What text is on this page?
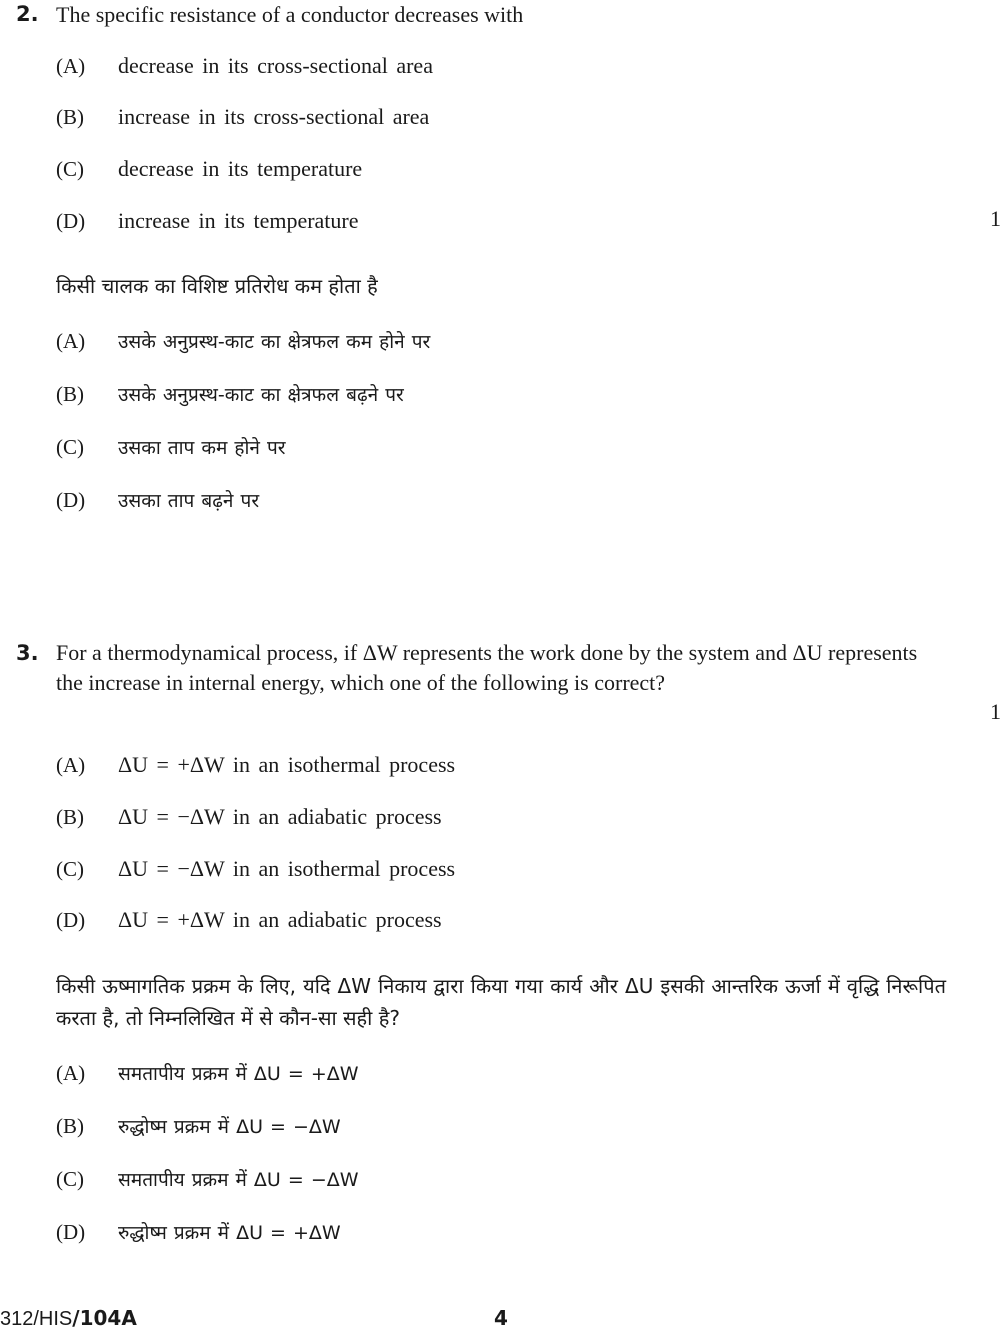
2. The specific resistance of a conductor decreases with
(A) decrease in its cross-sectional area
(B) increase in its cross-sectional area
(C) decrease in its temperature
(D) increase in its temperature	1
किसी चालक का विशिष्ट प्रतिरोध कम होता है
(A) उसके अनुप्रस्थ-काट का क्षेत्रफल कम होने पर
(B) उसके अनुप्रस्थ-काट का क्षेत्रफल बढ़ने पर
(C) उसका ताप कम होने पर
(D) उसका ताप बढ़ने पर
3. For a thermodynamical process, if ΔW represents the work done by the system and ΔU represents the increase in internal energy, which one of the following is correct?
1
(A) ΔU = +ΔW in an isothermal process
(B) ΔU = −ΔW in an adiabatic process
(C) ΔU = −ΔW in an isothermal process
(D) ΔU = +ΔW in an adiabatic process
किसी ऊष्मागतिक प्रक्रम के लिए, यदि ΔW निकाय द्वारा किया गया कार्य और ΔU इसकी आन्तरिक ऊर्जा में वृद्धि निरूपित करता है, तो निम्नलिखित में से कौन-सा सही है?
(A) समतापीय प्रक्रम में ΔU = +ΔW
(B) रुद्धोष्म प्रक्रम में ΔU = −ΔW
(C) समतापीय प्रक्रम में ΔU = −ΔW
(D) रुद्धोष्म प्रक्रम में ΔU = +ΔW
312/HIS/104A	4
